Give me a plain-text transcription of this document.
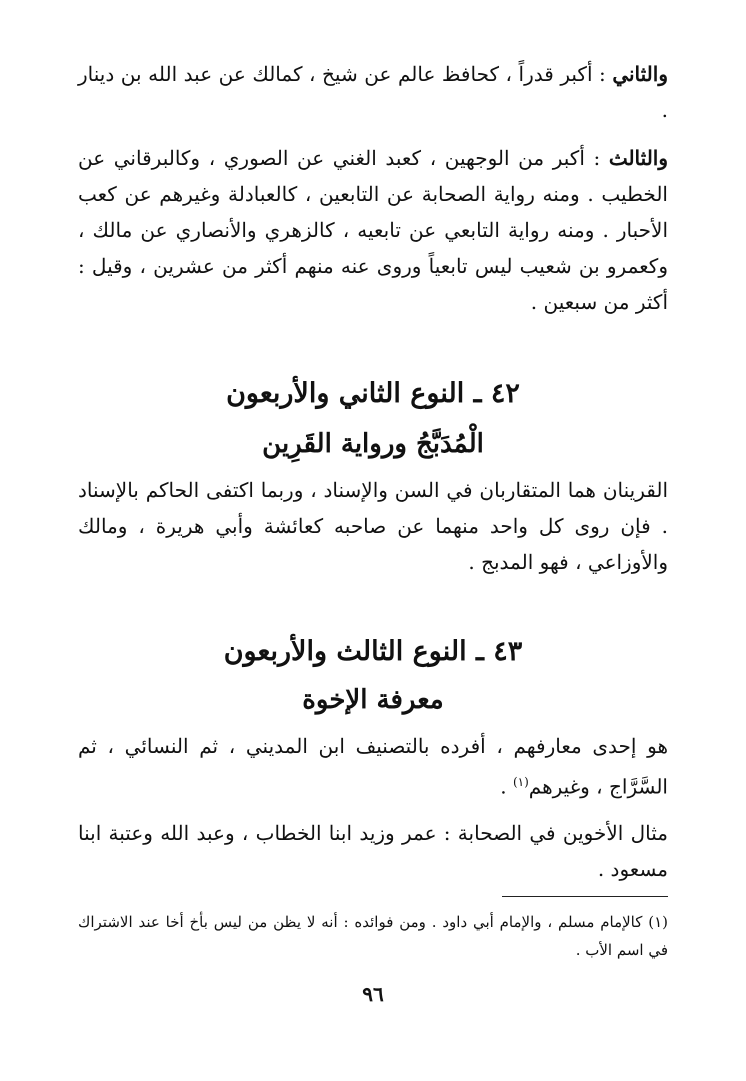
والثاني : أكبر قدراً ، كحافظ عالم عن شيخ ، كمالك عن عبد الله بن دينار .

والثالث : أكبر من الوجهين ، كعبد الغني عن الصوري ، وكالبرقاني عن الخطيب . ومنه رواية الصحابة عن التابعين ، كالعبادلة وغيرهم عن كعب الأحبار . ومنه رواية التابعي عن تابعيه ، كالزهري والأنصاري عن مالك ، وكعمرو بن شعيب ليس تابعياً وروى عنه منهم أكثر من عشرين ، وقيل : أكثر من سبعين .

٤٢ ـ النوع الثاني والأربعون

الْمُدَبَّجُ ورواية القَرِين

القرينان هما المتقاربان في السن والإسناد ، وربما اكتفى الحاكم بالإسناد . فإن روى كل واحد منهما عن صاحبه كعائشة وأبي هريرة ، ومالك والأوزاعي ، فهو المدبج .

٤٣ ـ النوع الثالث والأربعون

معرفة الإخوة

هو إحدى معارفهم ، أفرده بالتصنيف ابن المديني ، ثم النسائي ، ثم السَّرَّاج ، وغيرهم$^{(١)}$ .

مثال الأخوين في الصحابة : عمر وزيد ابنا الخطاب ، وعبد الله وعتبة ابنا مسعود .

(١) كالإمام مسلم ، والإمام أبي داود . ومن فوائده : أنه لا يظن من ليس بأخ أخا عند الاشتراك في اسم الأب .

٩٦
